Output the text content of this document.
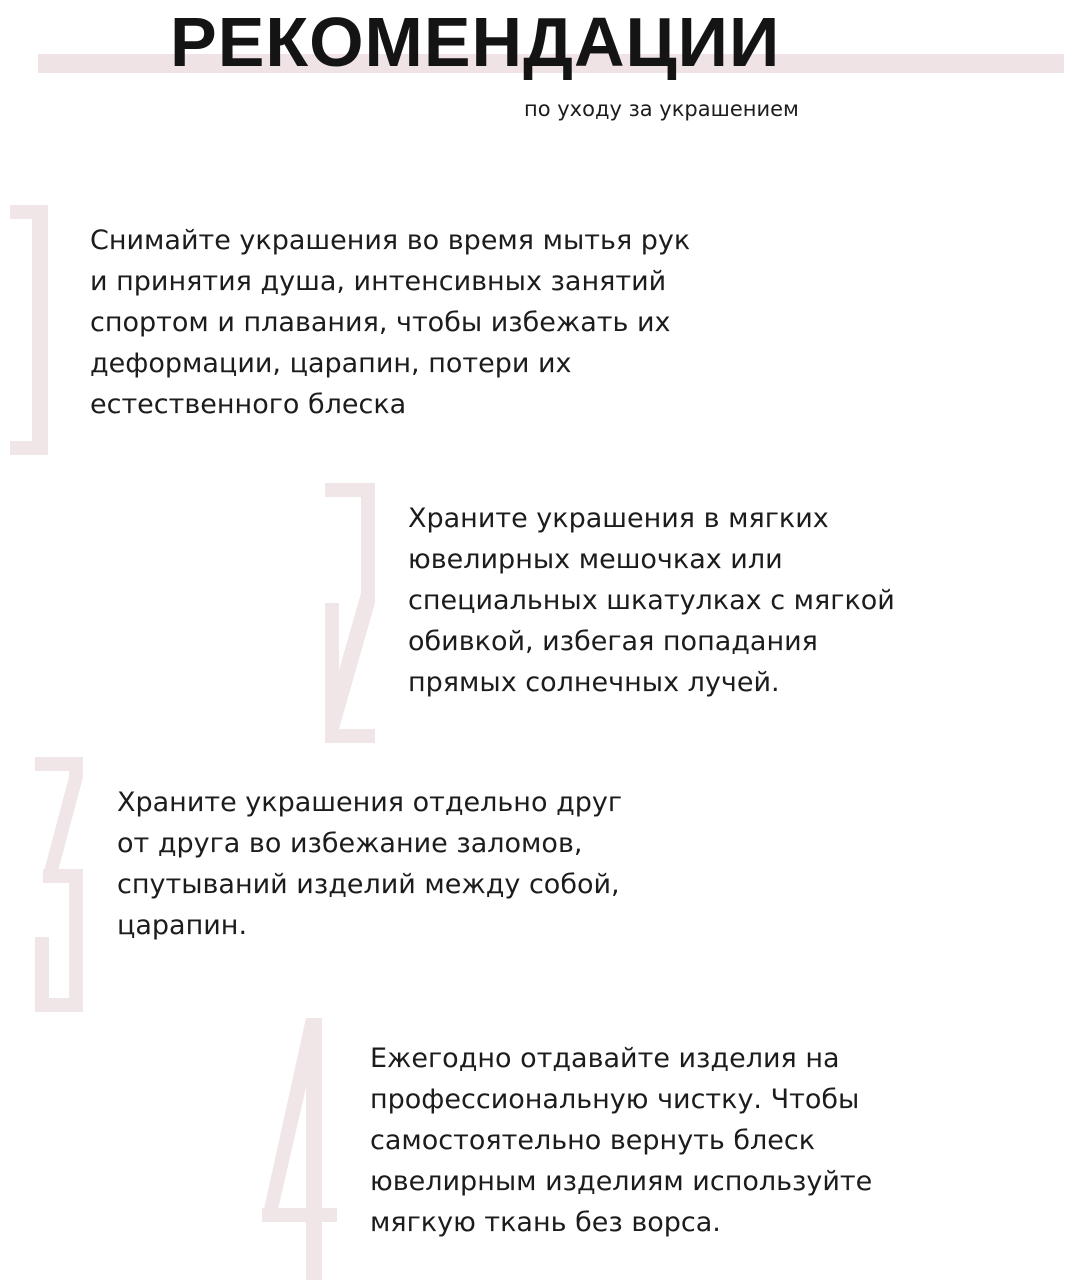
РЕКОМЕНДАЦИИ
по уходу за украшением
Снимайте украшения во время мытья рук
и принятия душа, интенсивных занятий
спортом и плавания, чтобы избежать их
деформации, царапин, потери их
естественного блеска
Храните украшения в мягких
ювелирных мешочках или
специальных шкатулках с мягкой
обивкой, избегая попадания
прямых солнечных лучей.
Храните украшения отдельно друг
от друга во избежание заломов,
спутываний изделий между собой,
царапин.
Ежегодно отдавайте изделия на
профессиональную чистку. Чтобы
самостоятельно вернуть блеск
ювелирным изделиям используйте
мягкую ткань без ворса.
